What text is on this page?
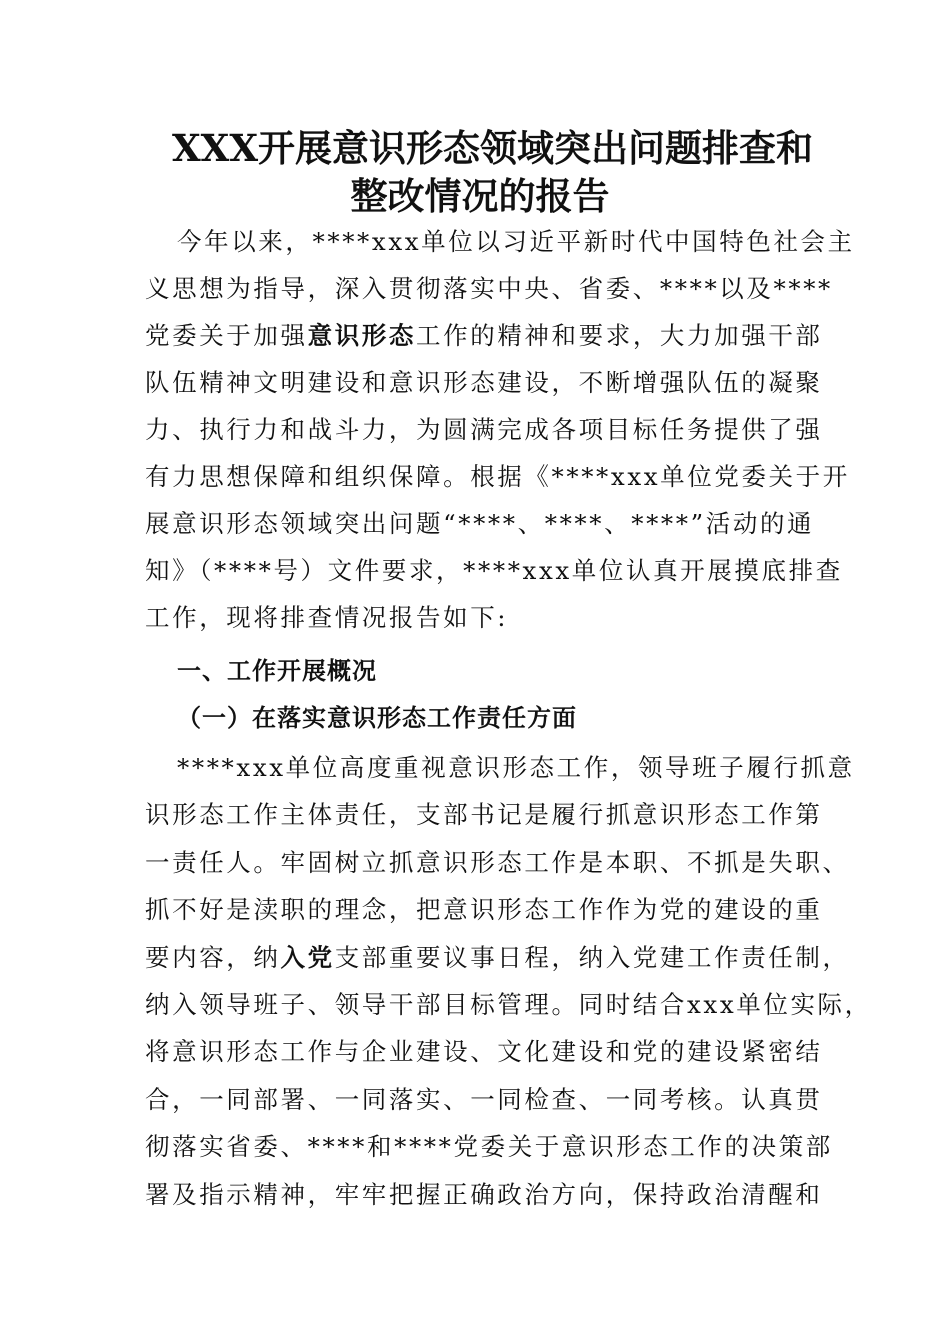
XXX开展意识形态领域突出问题排查和
整改情况的报告
今年以来，****xxx单位以习近平新时代中国特色社会主
义思想为指导，深入贯彻落实中央、省委、****以及****
党委关于加强意识形态工作的精神和要求，大力加强干部
队伍精神文明建设和意识形态建设，不断增强队伍的凝聚
力、执行力和战斗力，为圆满完成各项目标任务提供了强
有力思想保障和组织保障。根据《****xxx单位党委关于开
展意识形态领域突出问题“****、****、****”活动的通
知》（****号）文件要求，****xxx单位认真开展摸底排查
工作，现将排查情况报告如下:
一、工作开展概况
（一）在落实意识形态工作责任方面
****xxx单位高度重视意识形态工作，领导班子履行抓意
识形态工作主体责任，支部书记是履行抓意识形态工作第
一责任人。牢固树立抓意识形态工作是本职、不抓是失职、
抓不好是渎职的理念，把意识形态工作作为党的建设的重
要内容，纳入党支部重要议事日程，纳入党建工作责任制，
纳入领导班子、领导干部目标管理。同时结合xxx单位实际，
将意识形态工作与企业建设、文化建设和党的建设紧密结
合，一同部署、一同落实、一同检查、一同考核。认真贯
彻落实省委、****和****党委关于意识形态工作的决策部
署及指示精神，牢牢把握正确政治方向，保持政治清醒和
